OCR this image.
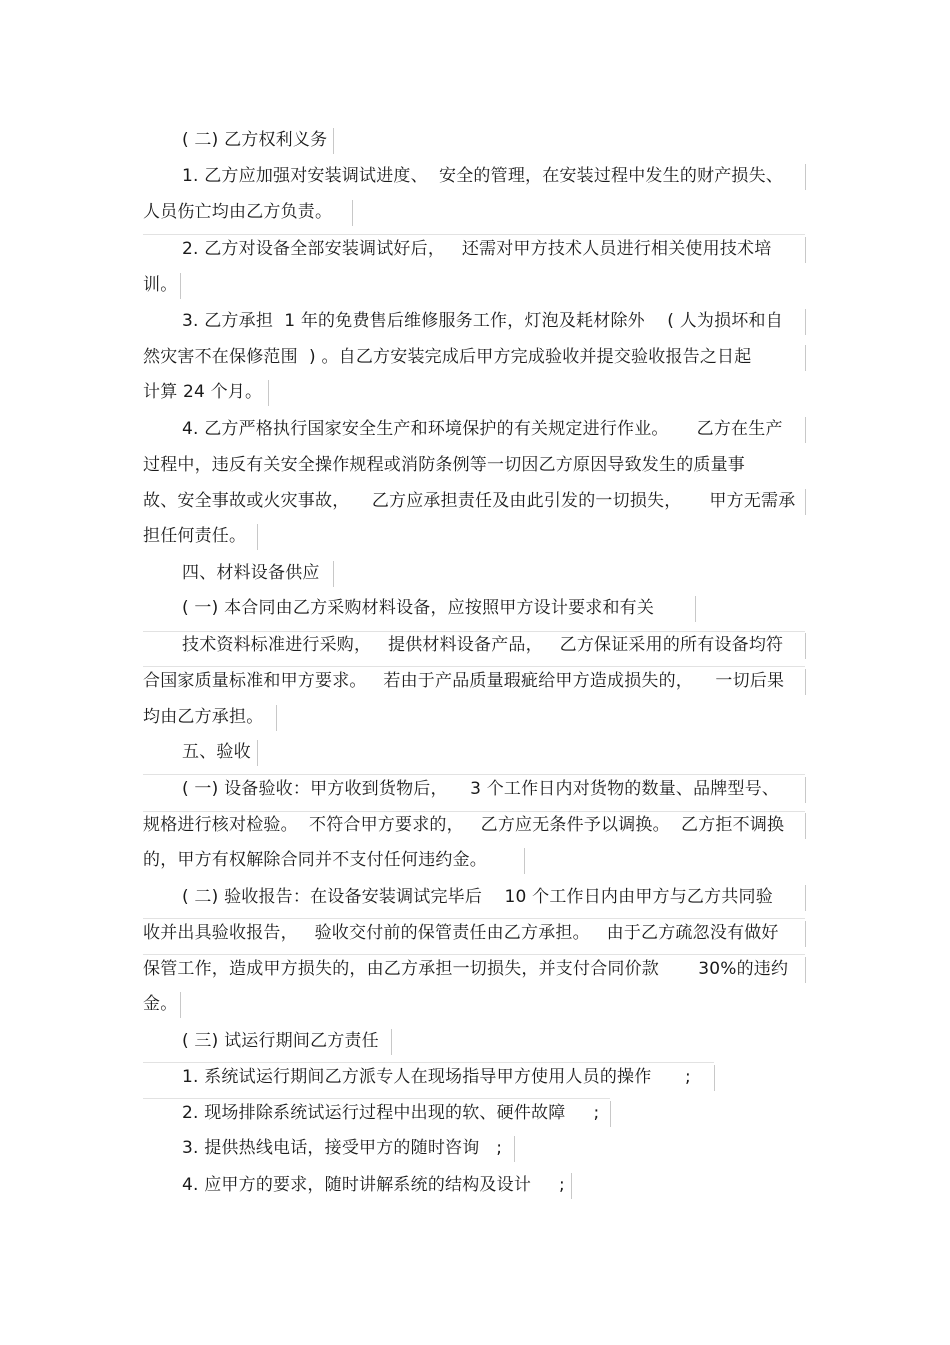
( 二) 乙方权利义务
1. 乙方应加强对安装调试进度、  安全的管理，在安装过程中发生的财产损失、
人员伤亡均由乙方负责。
2. 乙方对设备全部安装调试好后，   还需对甲方技术人员进行相关使用技术培
训。
3. 乙方承担  1 年的免费售后维修服务工作，灯泡及耗材除外    ( 人为损坏和自
然灾害不在保修范围  ) 。自乙方安装完成后甲方完成验收并提交验收报告之日起
计算 24 个月。
4. 乙方严格执行国家安全生产和环境保护的有关规定进行作业。     乙方在生产
过程中，违反有关安全操作规程或消防条例等一切因乙方原因导致发生的质量事
故、安全事故或火灾事故，    乙方应承担责任及由此引发的一切损失，     甲方无需承
担任何责任。
四、材料设备供应
( 一) 本合同由乙方采购材料设备，应按照甲方设计要求和有关
技术资料标准进行采购，   提供材料设备产品，   乙方保证采用的所有设备均符
合国家质量标准和甲方要求。   若由于产品质量瑕疵给甲方造成损失的，    一切后果
均由乙方承担。
五、验收
( 一) 设备验收：甲方收到货物后，    3 个工作日内对货物的数量、品牌型号、
规格进行核对检验。  不符合甲方要求的，   乙方应无条件予以调换。  乙方拒不调换
的，甲方有权解除合同并不支付任何违约金。
( 二) 验收报告：在设备安装调试完毕后    10 个工作日内由甲方与乙方共同验
收并出具验收报告，   验收交付前的保管责任由乙方承担。   由于乙方疏忽没有做好
保管工作，造成甲方损失的，由乙方承担一切损失，并支付合同价款       30%的违约
金。
( 三) 试运行期间乙方责任
1. 系统试运行期间乙方派专人在现场指导甲方使用人员的操作      ;
2. 现场排除系统试运行过程中出现的软、硬件故障     ;
3. 提供热线电话，接受甲方的随时咨询   ;
4. 应甲方的要求，随时讲解系统的结构及设计     ;
